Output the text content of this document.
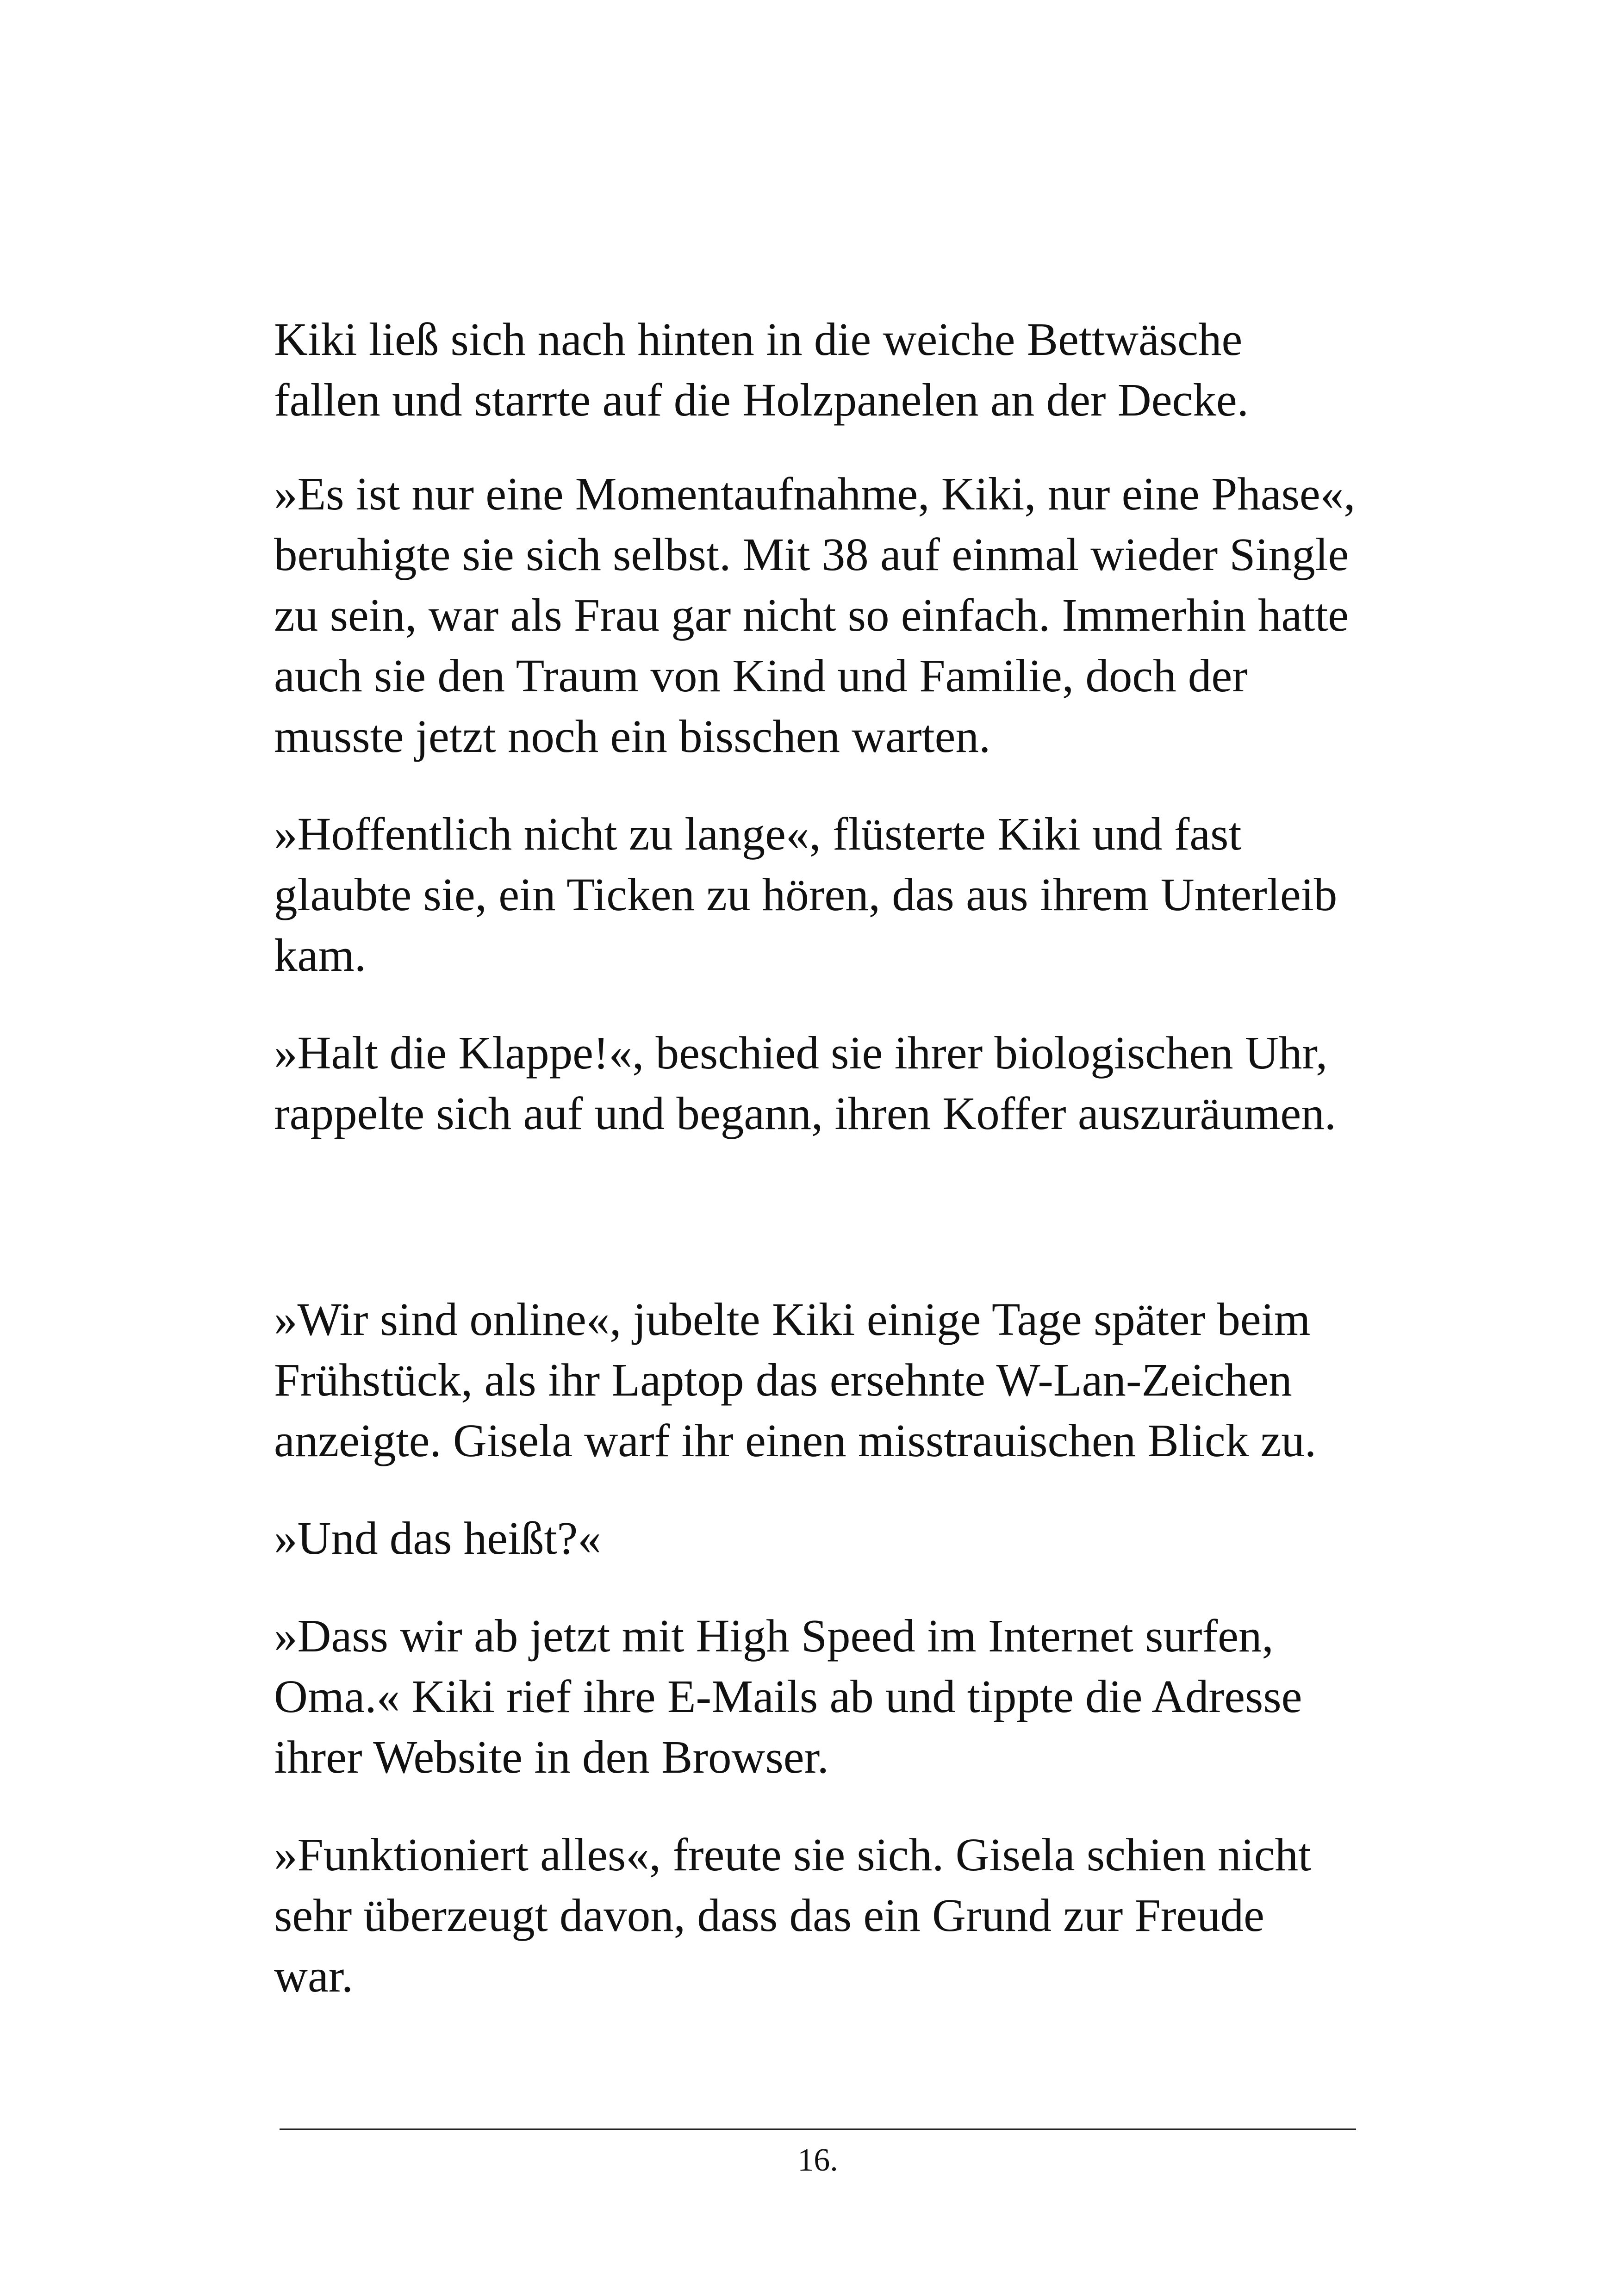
Kiki ließ sich nach hinten in die weiche Bettwäsche
fallen und starrte auf die Holzpanelen an der Decke.

»Es ist nur eine Momentaufnahme, Kiki, nur eine Phase«,
beruhigte sie sich selbst. Mit 38 auf einmal wieder Single
zu sein, war als Frau gar nicht so einfach. Immerhin hatte
auch sie den Traum von Kind und Familie, doch der
musste jetzt noch ein bisschen warten.

»Hoffentlich nicht zu lange«, flüsterte Kiki und fast
glaubte sie, ein Ticken zu hören, das aus ihrem Unterleib
kam.

»Halt die Klappe!«, beschied sie ihrer biologischen Uhr,
rappelte sich auf und begann, ihren Koffer auszuräumen.

»Wir sind online«, jubelte Kiki einige Tage später beim
Frühstück, als ihr Laptop das ersehnte W-Lan-Zeichen
anzeigte. Gisela warf ihr einen misstrauischen Blick zu.

»Und das heißt?«

»Dass wir ab jetzt mit High Speed im Internet surfen,
Oma.« Kiki rief ihre E-Mails ab und tippte die Adresse
ihrer Website in den Browser.

»Funktioniert alles«, freute sie sich. Gisela schien nicht
sehr überzeugt davon, dass das ein Grund zur Freude
war.

16.
